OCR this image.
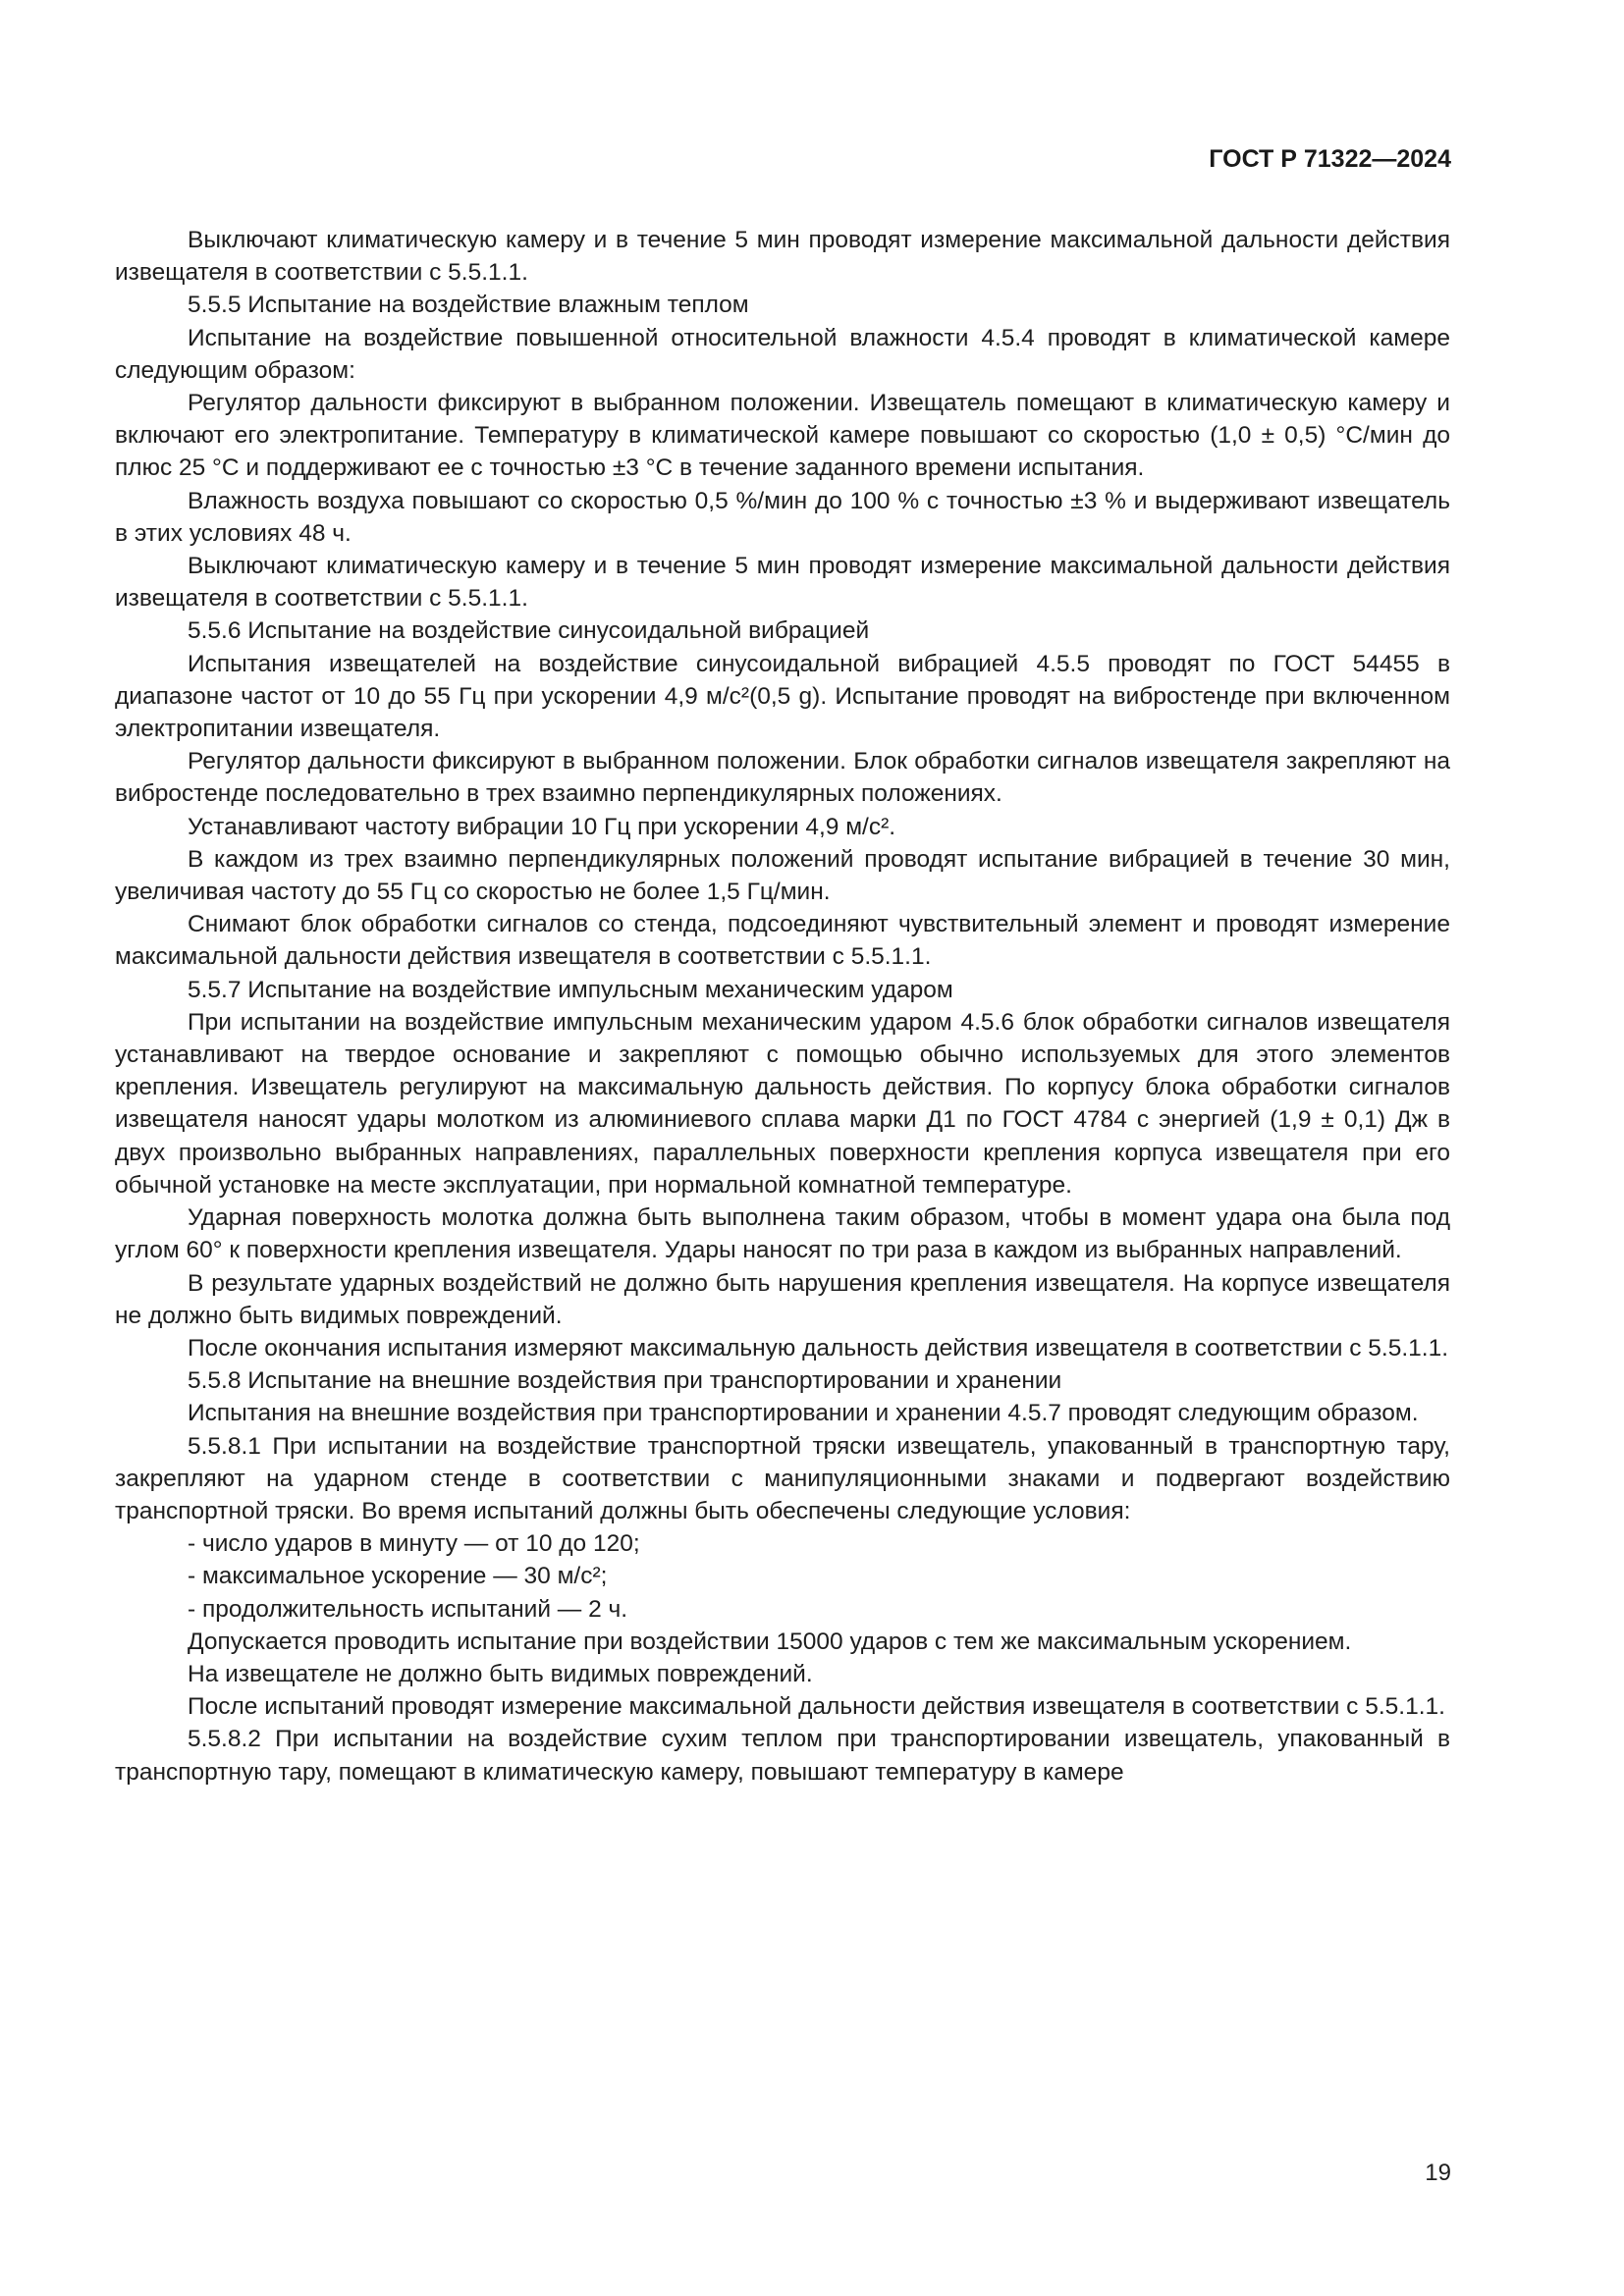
ГОСТ Р 71322—2024

Выключают климатическую камеру и в течение 5 мин проводят измерение максимальной дальности действия извещателя в соответствии с 5.5.1.1.

5.5.5 Испытание на воздействие влажным теплом

Испытание на воздействие повышенной относительной влажности 4.5.4 проводят в климатической камере следующим образом:

Регулятор дальности фиксируют в выбранном положении. Извещатель помещают в климатическую камеру и включают его электропитание. Температуру в климатической камере повышают со скоростью (1,0 ± 0,5) °С/мин до плюс 25 °С и поддерживают ее с точностью ±3 °С в течение заданного времени испытания.

Влажность воздуха повышают со скоростью 0,5 %/мин до 100 % с точностью ±3 % и выдерживают извещатель в этих условиях 48 ч.

Выключают климатическую камеру и в течение 5 мин проводят измерение максимальной дальности действия извещателя в соответствии с 5.5.1.1.

5.5.6 Испытание на воздействие синусоидальной вибрацией

Испытания извещателей на воздействие синусоидальной вибрацией 4.5.5 проводят по ГОСТ 54455 в диапазоне частот от 10 до 55 Гц при ускорении 4,9 м/с²(0,5 g). Испытание проводят на вибростенде при включенном электропитании извещателя.

Регулятор дальности фиксируют в выбранном положении. Блок обработки сигналов извещателя закрепляют на вибростенде последовательно в трех взаимно перпендикулярных положениях.

Устанавливают частоту вибрации 10 Гц при ускорении 4,9 м/с².

В каждом из трех взаимно перпендикулярных положений проводят испытание вибрацией в течение 30 мин, увеличивая частоту до 55 Гц со скоростью не более 1,5 Гц/мин.

Снимают блок обработки сигналов со стенда, подсоединяют чувствительный элемент и проводят измерение максимальной дальности действия извещателя в соответствии с 5.5.1.1.

5.5.7 Испытание на воздействие импульсным механическим ударом

При испытании на воздействие импульсным механическим ударом 4.5.6 блок обработки сигналов извещателя устанавливают на твердое основание и закрепляют с помощью обычно используемых для этого элементов крепления. Извещатель регулируют на максимальную дальность действия. По корпусу блока обработки сигналов извещателя наносят удары молотком из алюминиевого сплава марки Д1 по ГОСТ 4784 с энергией (1,9 ± 0,1) Дж в двух произвольно выбранных направлениях, параллельных поверхности крепления корпуса извещателя при его обычной установке на месте эксплуатации, при нормальной комнатной температуре.

Ударная поверхность молотка должна быть выполнена таким образом, чтобы в момент удара она была под углом 60° к поверхности крепления извещателя. Удары наносят по три раза в каждом из выбранных направлений.

В результате ударных воздействий не должно быть нарушения крепления извещателя. На корпусе извещателя не должно быть видимых повреждений.

После окончания испытания измеряют максимальную дальность действия извещателя в соответствии с 5.5.1.1.

5.5.8 Испытание на внешние воздействия при транспортировании и хранении

Испытания на внешние воздействия при транспортировании и хранении 4.5.7 проводят следующим образом.

5.5.8.1 При испытании на воздействие транспортной тряски извещатель, упакованный в транспортную тару, закрепляют на ударном стенде в соответствии с манипуляционными знаками и подвергают воздействию транспортной тряски. Во время испытаний должны быть обеспечены следующие условия:

- число ударов в минуту — от 10 до 120;

- максимальное ускорение — 30 м/с²;

- продолжительность испытаний — 2 ч.

Допускается проводить испытание при воздействии 15000 ударов с тем же максимальным ускорением.

На извещателе не должно быть видимых повреждений.

После испытаний проводят измерение максимальной дальности действия извещателя в соответствии с 5.5.1.1.

5.5.8.2 При испытании на воздействие сухим теплом при транспортировании извещатель, упакованный в транспортную тару, помещают в климатическую камеру, повышают температуру в камере

19
